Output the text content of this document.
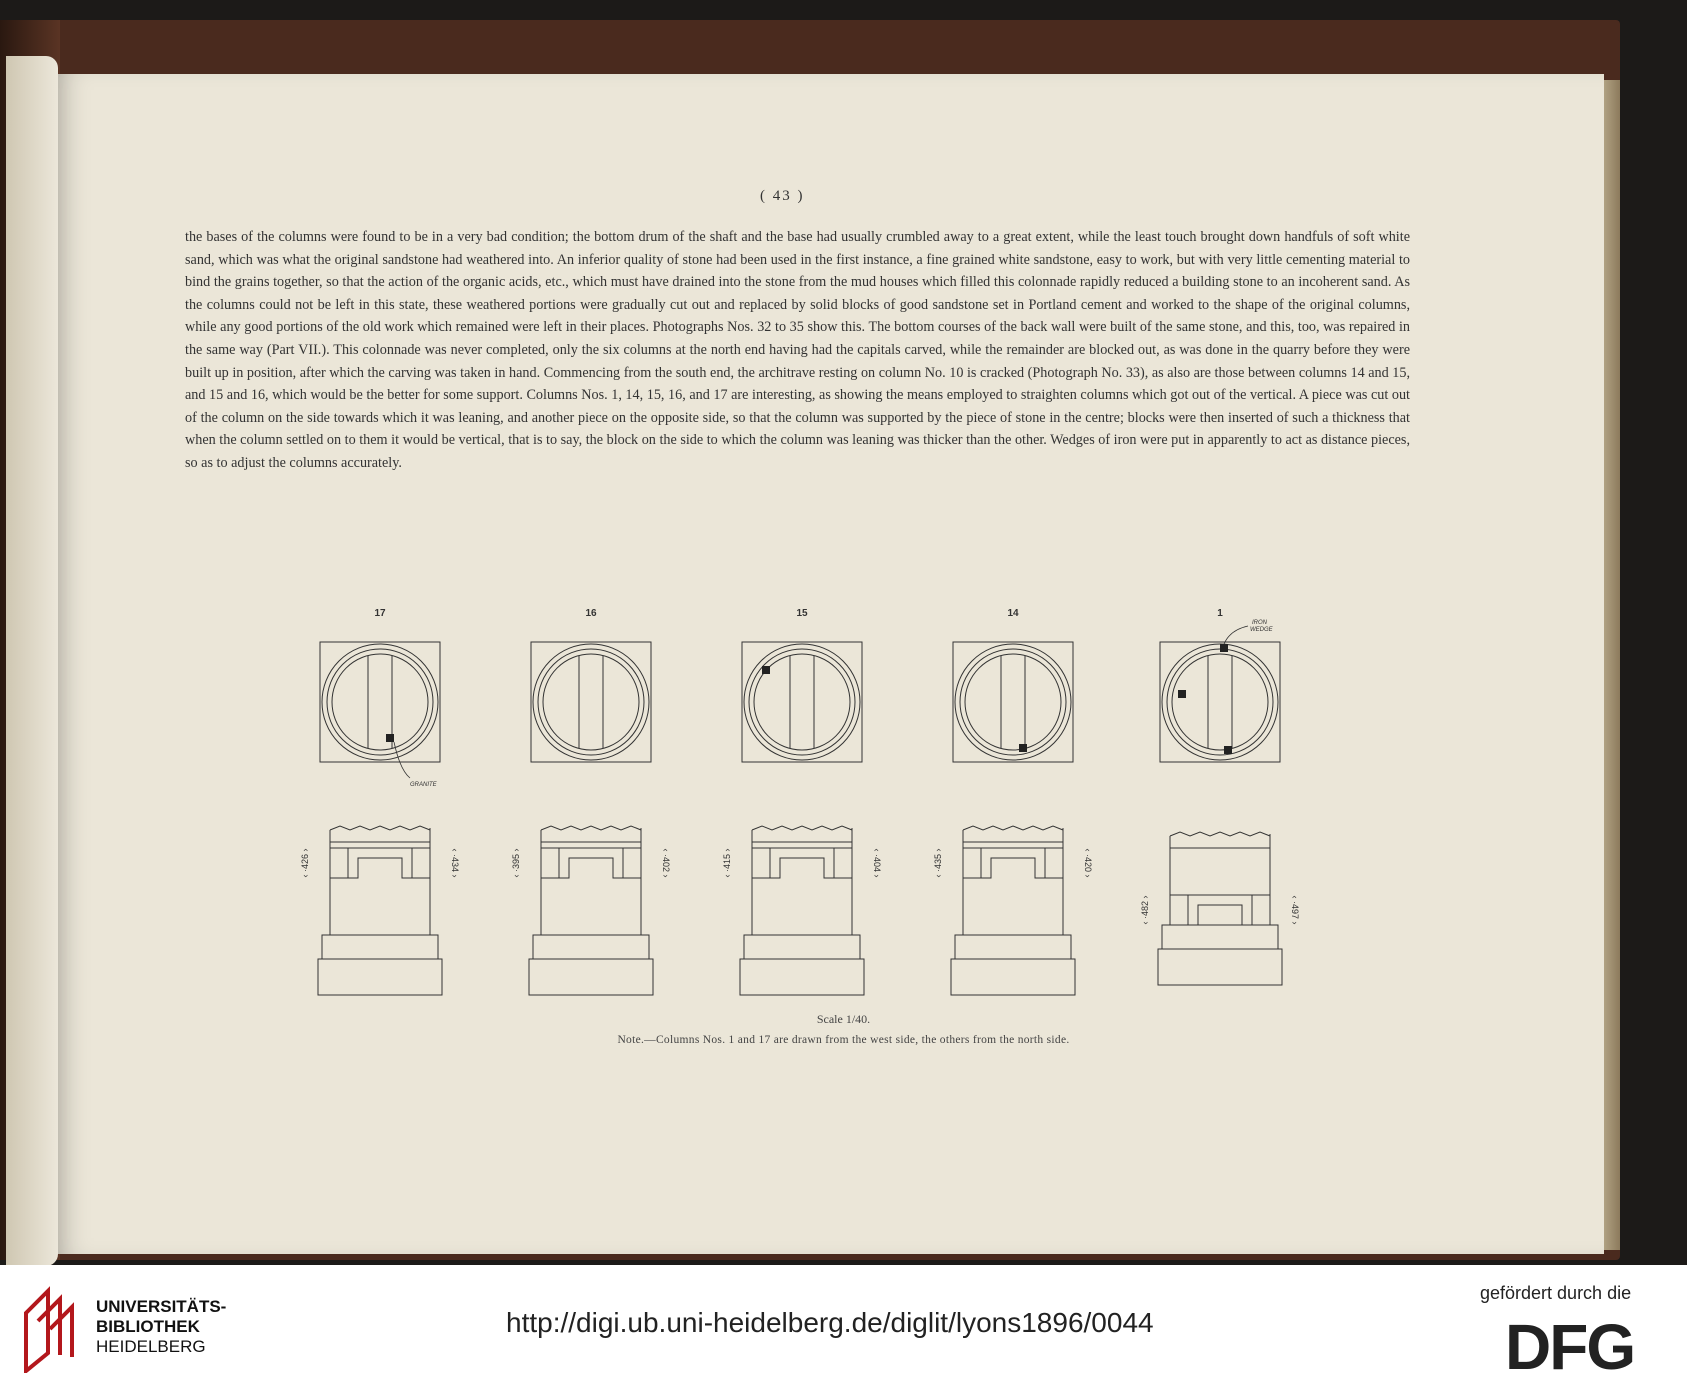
( 43 )
the bases of the columns were found to be in a very bad condition; the bottom drum of the shaft and the base had usually crumbled away to a great extent, while the least touch brought down handfuls of soft white sand, which was what the original sandstone had weathered into. An inferior quality of stone had been used in the first instance, a fine grained white sandstone, easy to work, but with very little cementing material to bind the grains together, so that the action of the organic acids, etc., which must have drained into the stone from the mud houses which filled this colonnade rapidly reduced a building stone to an incoherent sand. As the columns could not be left in this state, these weathered portions were gradually cut out and replaced by solid blocks of good sandstone set in Portland cement and worked to the shape of the original columns, while any good portions of the old work which remained were left in their places. Photographs Nos. 32 to 35 show this. The bottom courses of the back wall were built of the same stone, and this, too, was repaired in the same way (Part VII.). This colonnade was never completed, only the six columns at the north end having had the capitals carved, while the remainder are blocked out, as was done in the quarry before they were built up in position, after which the carving was taken in hand. Commencing from the south end, the architrave resting on column No. 10 is cracked (Photograph No. 33), as also are those between columns 14 and 15, and 15 and 16, which would be the better for some support. Columns Nos. 1, 14, 15, 16, and 17 are interesting, as showing the means employed to straighten columns which got out of the vertical. A piece was cut out of the column on the side towards which it was leaning, and another piece on the opposite side, so that the column was supported by the piece of stone in the centre; blocks were then inserted of such a thickness that when the column settled on to them it would be vertical, that is to say, the block on the side to which the column was leaning was thicker than the other. Wedges of iron were put in apparently to act as distance pieces, so as to adjust the columns accurately.
17
GRANITE
‹ ·426 ›	‹ ·434 ›
16
‹ ·395 ›	‹ ·402 ›
15
‹ ·415 ›	‹ ·404 ›
14
‹ ·435 ›	‹ ·420 ›
1
IRON
WEDGE
‹ ·482 ›	‹ ·497 ›
Scale 1/40.
Note.—Columns Nos. 1 and 17 are drawn from the west side, the others from the north side.
UNIVERSITÄTS-
BIBLIOTHEK
HEIDELBERG
http://digi.ub.uni-heidelberg.de/diglit/lyons1896/0044
gefördert durch die
DFG
